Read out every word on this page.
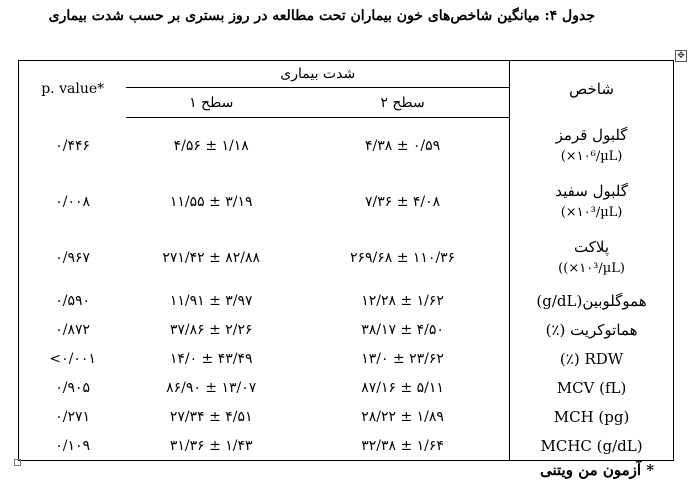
جدول ۴: میانگین شاخص‌های خون بیماران تحت مطالعه در روز بستری بر حسب شدت بیماری
✥
p. value*	شدت بیماری		شاخص
	سطح ۱	سطح ۲	
۰/۴۴۶	۴/۵۶ ± ۱/۱۸	۴/۳۸ ± ۰/۵۹	گلبول قرمز
(×۱۰⁶/µL)

۰/۰۰۸	۱۱/۵۵ ± ۳/۱۹	۷/۳۶ ± ۴/۰۸	گلبول سفید
(×۱۰³/µL)

۰/۹۶۷	۲۷۱/۴۲ ± ۸۲/۸۸	۲۶۹/۶۸ ± ۱۱۰/۳۶	پلاکت
((×۱۰³/µL)

۰/۵۹۰	۱۱/۹۱ ± ۳/۹۷	۱۲/۲۸ ± ۱/۶۲	هموگلوبین(g/dL)

۰/۸۷۲	۳۷/۸۶ ± ۲/۲۶	۳۸/۱۷ ± ۴/۵۰	هماتوکریت (٪)

<۰/۰۰۱	۱۴/۰ ± ۴۳/۴۹	۱۳/۰ ± ۲۳/۶۲	RDW (٪)

۰/۹۰۵	۸۶/۹۰ ± ۱۳/۰۷	۸۷/۱۶ ± ۵/۱۱	MCV (fL)

۰/۲۷۱	۲۷/۳۴ ± ۴/۵۱	۲۸/۲۲ ± ۱/۸۹	MCH (pg)

۰/۱۰۹	۳۱/۳۶ ± ۱/۴۳	۳۲/۳۸ ± ۱/۶۴	MCHC (g/dL)
* آزمون من ویتنی
